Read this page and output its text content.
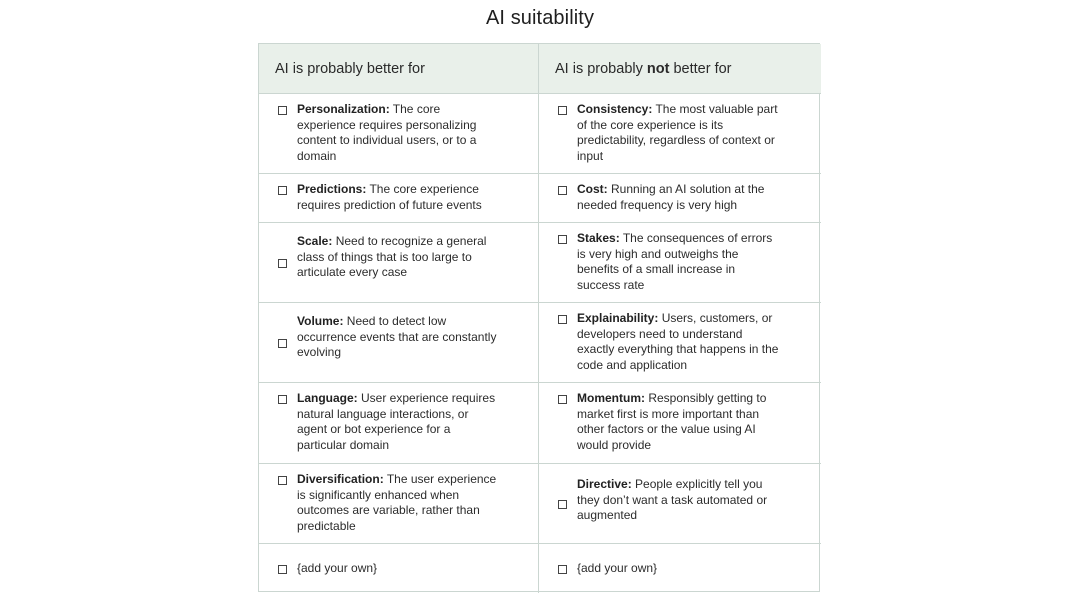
AI suitability
AI is probably better for	AI is probably not better for
Personalization: The core experience requires personalizing content to individual users, or to a domain
Consistency: The most valuable part of the core experience is its predictability, regardless of context or input
Predictions: The core experience requires prediction of future events
Cost: Running an AI solution at the needed frequency is very high
Scale: Need to recognize a general class of things that is too large to articulate every case
Stakes: The consequences of errors is very high and outweighs the benefits of a small increase in success rate
Volume: Need to detect low occurrence events that are constantly evolving
Explainability: Users, customers, or developers need to understand exactly everything that happens in the code and application
Language: User experience requires natural language interactions, or agent or bot experience for a particular domain
Momentum: Responsibly getting to market first is more important than other factors or the value using AI would provide
Diversification: The user experience is significantly enhanced when outcomes are variable, rather than predictable
Directive: People explicitly tell you they don’t want a task automated or augmented
{add your own}	{add your own}
